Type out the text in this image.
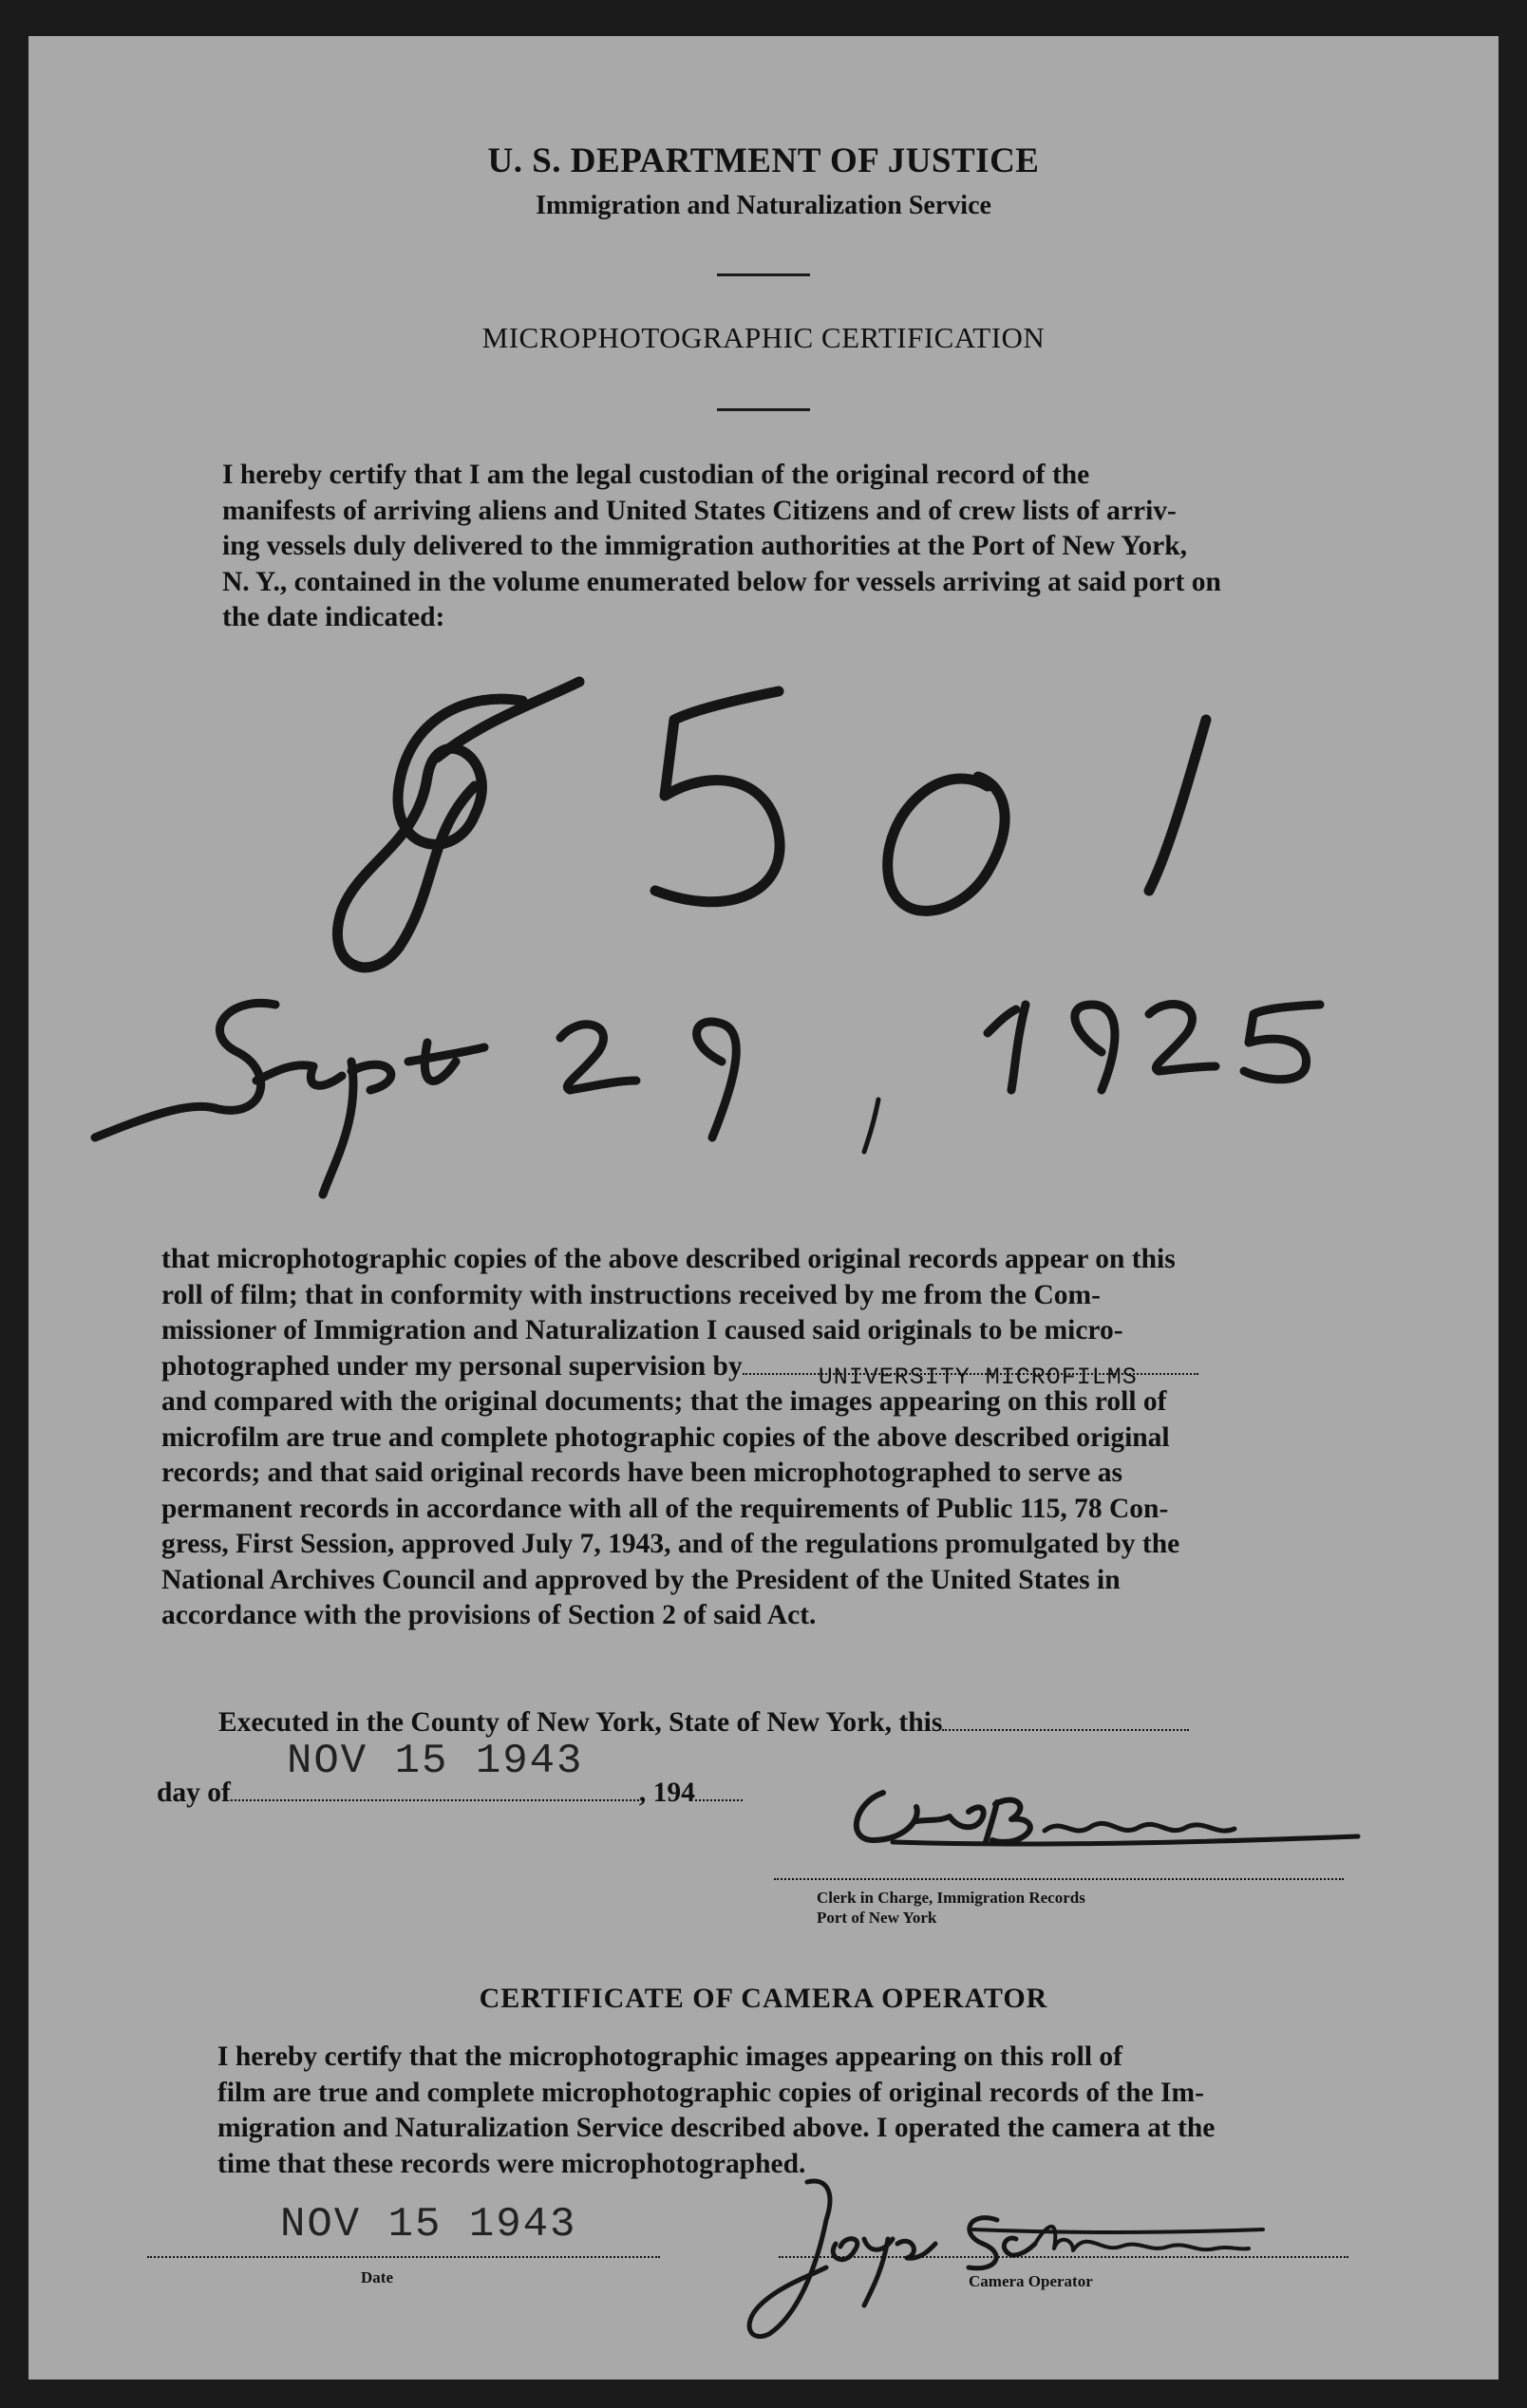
U. S. DEPARTMENT OF JUSTICE
Immigration and Naturalization Service
MICROPHOTOGRAPHIC CERTIFICATION
I hereby certify that I am the legal custodian of the original record of the
manifests of arriving aliens and United States Citizens and of crew lists of arriv-
ing vessels duly delivered to the immigration authorities at the Port of New York,
N. Y., contained in the volume enumerated below for vessels arriving at said port on
the date indicated:
that microphotographic copies of the above described original records appear on this
roll of film; that in conformity with instructions received by me from the Com-
missioner of Immigration and Naturalization I caused said originals to be micro-
photographed under my personal supervision by	UNIVERSITY MICROFILMS
and compared with the original documents; that the images appearing on this roll of
microfilm are true and complete photographic copies of the above described original
records; and that said original records have been microphotographed to serve as
permanent records in accordance with all of the requirements of Public 115, 78 Con-
gress, First Session, approved July 7, 1943, and of the regulations promulgated by the
National Archives Council and approved by the President of the United States in
accordance with the provisions of Section 2 of said Act.
Executed in the County of New York, State of New York, this
day of	, 194
NOV 15 1943
Clerk in Charge, Immigration Records
Port of New York
CERTIFICATE OF CAMERA OPERATOR
I hereby certify that the microphotographic images appearing on this roll of
film are true and complete microphotographic copies of original records of the Im-
migration and Naturalization Service described above. I operated the camera at the
time that these records were microphotographed.
NOV 15 1943
Date	Camera Operator
